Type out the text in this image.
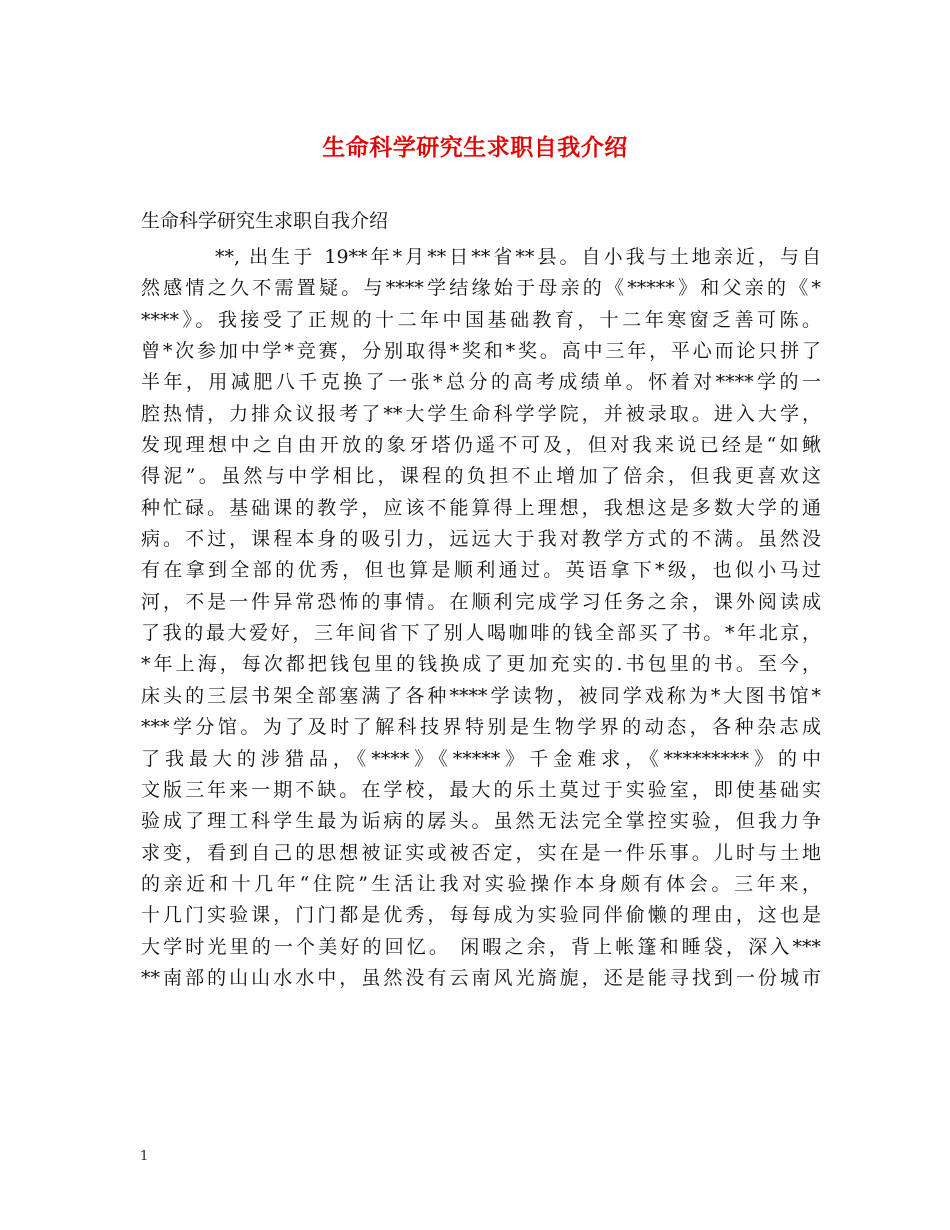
生命科学研究生求职自我介绍
生命科学研究生求职自我介绍
**, 出生于 19**年*月**日**省**县。自小我与土地亲近，与自
然感情之久不需置疑。与****学结缘始于母亲的《*****》和父亲的《*
****》。我接受了正规的十二年中国基础教育，十二年寒窗乏善可陈。
曾*次参加中学*竞赛，分别取得*奖和*奖。高中三年，平心而论只拼了
半年，用减肥八千克换了一张*总分的高考成绩单。怀着对****学的一
腔热情，力排众议报考了**大学生命科学学院，并被录取。进入大学，
发现理想中之自由开放的象牙塔仍遥不可及，但对我来说已经是“如鳅
得泥”。虽然与中学相比，课程的负担不止增加了倍余，但我更喜欢这
种忙碌。基础课的教学，应该不能算得上理想，我想这是多数大学的通
病。不过，课程本身的吸引力，远远大于我对教学方式的不满。虽然没
有在拿到全部的优秀，但也算是顺利通过。英语拿下*级，也似小马过
河，不是一件异常恐怖的事情。在顺利完成学习任务之余，课外阅读成
了我的最大爱好，三年间省下了别人喝咖啡的钱全部买了书。*年北京，
*年上海，每次都把钱包里的钱换成了更加充实的.书包里的书。至今，
床头的三层书架全部塞满了各种****学读物，被同学戏称为*大图书馆*
***学分馆。为了及时了解科技界特别是生物学界的动态，各种杂志成
了我最大的涉猎品，《****》《*****》千金难求，《*********》的中
文版三年来一期不缺。在学校，最大的乐土莫过于实验室，即使基础实
验成了理工科学生最为诟病的孱头。虽然无法完全掌控实验，但我力争
求变，看到自己的思想被证实或被否定，实在是一件乐事。儿时与土地
的亲近和十几年“住院”生活让我对实验操作本身颇有体会。三年来，
十几门实验课，门门都是优秀，每每成为实验同伴偷懒的理由，这也是
大学时光里的一个美好的回忆。 闲暇之余，背上帐篷和睡袋，深入***
**南部的山山水水中，虽然没有云南风光旖旎，还是能寻找到一份城市
1
